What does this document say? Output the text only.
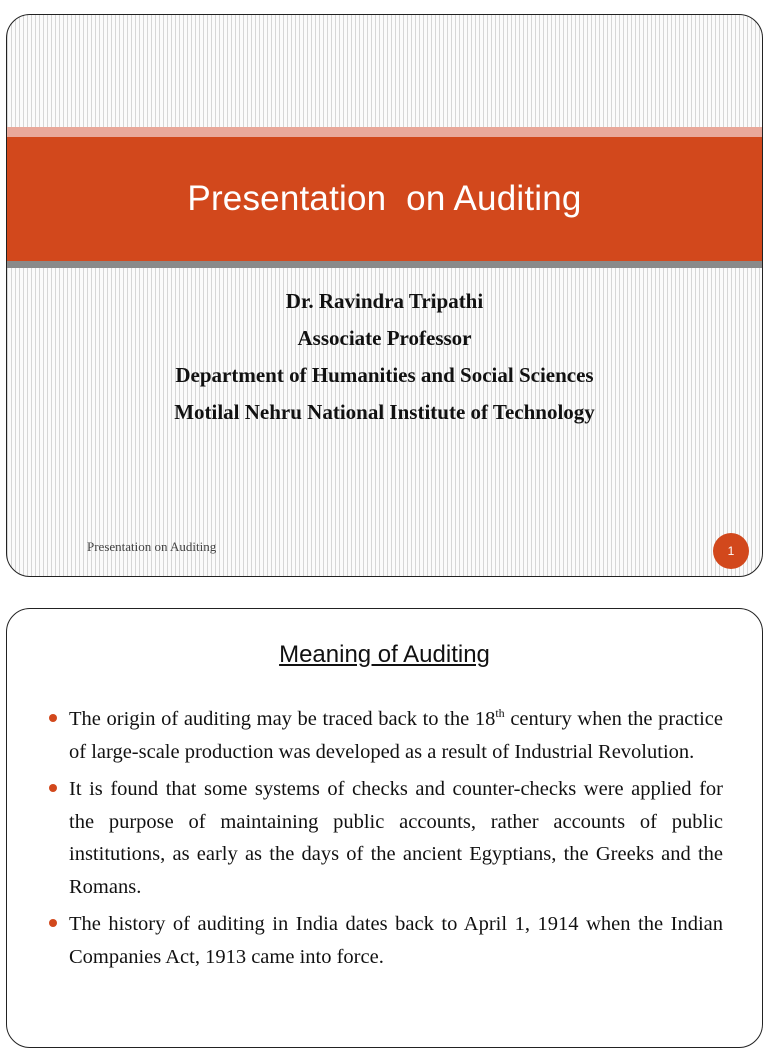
Presentation  on Auditing
Dr. Ravindra Tripathi
Associate Professor
Department of Humanities and Social Sciences
Motilal Nehru National Institute of Technology
Presentation on Auditing	1
Meaning of Auditing
The origin of auditing may be traced back to the 18th century when the practice of large-scale production was developed as a result of Industrial Revolution.
It is found that some systems of checks and counter-checks were applied for the purpose of maintaining public accounts, rather accounts of public institutions, as early as the days of the ancient Egyptians, the Greeks and the Romans.
The history of auditing in India dates back to April 1, 1914 when the Indian Companies Act, 1913 came into force.
